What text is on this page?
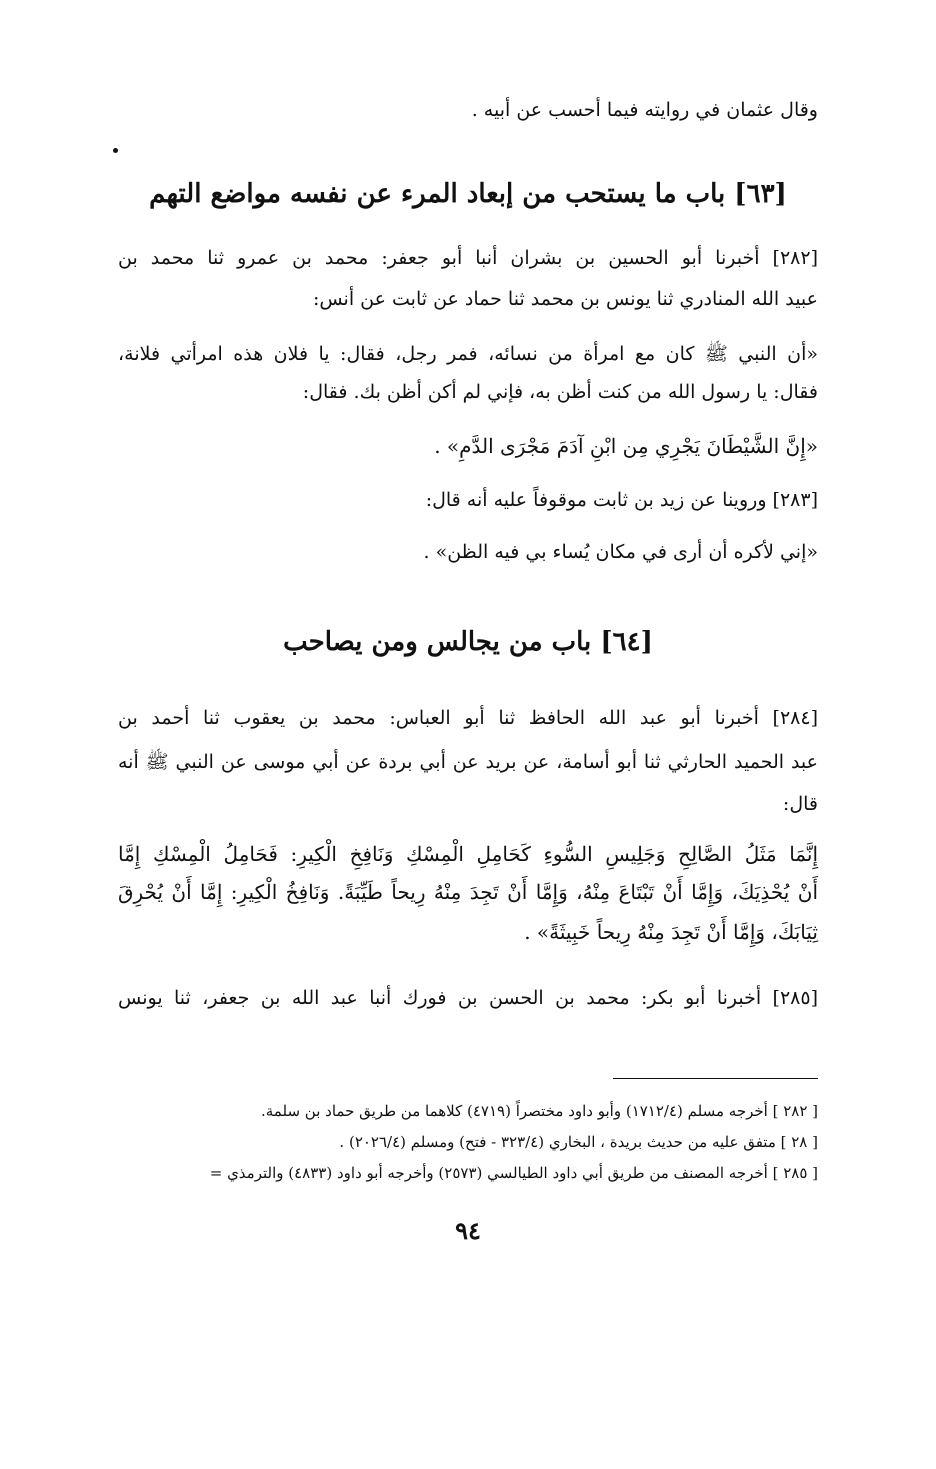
وقال عثمان في روايته فيما أحسب عن أبيه .
[٦٣] باب ما يستحب من إبعاد المرء عن نفسه مواضع التهم
[٢٨٢] أخبرنا أبو الحسين بن بشران أنبا أبو جعفر: محمد بن عمرو ثنا محمد بن
عبيد الله المنادري ثنا يونس بن محمد ثنا حماد عن ثابت عن أنس:
«أن النبي ﷺ كان مع امرأة من نسائه، فمر رجل، فقال: يا فلان هذه امرأتي فلانة،
فقال: يا رسول الله من كنت أظن به، فإني لم أكن أظن بك. فقال:
«إِنَّ الشَّيْطَانَ يَجْرِي مِن ابْنِ آدَمَ مَجْرَى الدَّمِ» .
[٢٨٣] وروينا عن زيد بن ثابت موقوفاً عليه أنه قال:
«إني لأكره أن أرى في مكان يُساء بي فيه الظن» .
[٦٤] باب من يجالس ومن يصاحب
[٢٨٤] أخبرنا أبو عبد الله الحافظ ثنا أبو العباس: محمد بن يعقوب ثنا أحمد بن
عبد الحميد الحارثي ثنا أبو أسامة، عن بريد عن أبي بردة عن أبي موسى عن النبي ﷺ أنه
قال:
إِنَّمَا مَثَلُ الصَّالِحِ وَجَلِيسِ السُّوءِ كَحَامِلِ الْمِسْكِ وَنَافِخِ الْكِيرِ: فَحَامِلُ الْمِسْكِ إِمَّا
أَنْ يُحْذِيَكَ، وَإِمَّا أَنْ تَبْتَاعَ مِنْهُ، وَإِمَّا أَنْ تَجِدَ مِنْهُ رِيحاً طَيِّبَةً. وَنَافِخُ الْكِيرِ: إِمَّا أَنْ يُحْرِقَ
ثِيَابَكَ، وَإِمَّا أَنْ تَجِدَ مِنْهُ رِيحاً خَبِيثَةً» .
[٢٨٥] أخبرنا أبو بكر: محمد بن الحسن بن فورك أنبا عبد الله بن جعفر، ثنا يونس
[ ٢٨٢ ] أخرجه مسلم (١٧١٢/٤) وأبو داود مختصراً (٤٧١٩) كلاهما من طريق حماد بن سلمة.
[ ٢٨ ] متفق عليه من حديث بريدة ، البخاري (٣٢٣/٤ - فتح) ومسلم (٢٠٢٦/٤) .
[ ٢٨٥ ] أخرجه المصنف من طريق أبي داود الطيالسي (٢٥٧٣) وأخرجه أبو داود (٤٨٣٣) والترمذي =
٩٤
